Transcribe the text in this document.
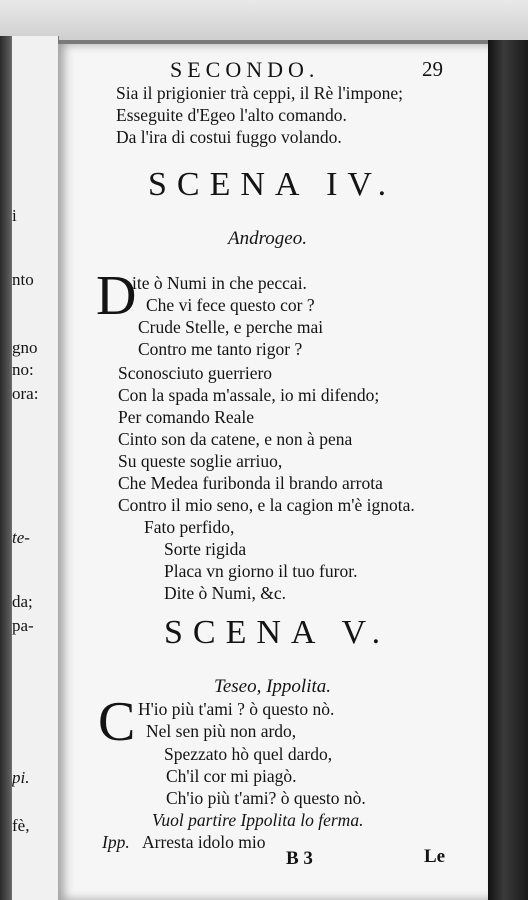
i
nto
gno
no:
ora:
te-
da;
pa-
pi.
fè,
SECONDO.	29
Sia il prigionier trà ceppi, il Rè l'impone;
Esseguite d'Egeo l'alto comando.
Da l'ira di costui fuggo volando.
SCENA IV.
Androgeo.
D
ite ò Numi in che peccai.
Che vi fece questo cor ?
Crude Stelle, e perche mai
Contro me tanto rigor ?
Sconosciuto guerriero
Con la spada m'assale, io mi difendo;
Per comando Reale
Cinto son da catene, e non à pena
Su queste soglie arriuo,
Che Medea furibonda il brando arrota
Contro il mio seno, e la cagion m'è ignota.
Fato perfido,
Sorte rigida
Placa vn giorno il tuo furor.
Dite ò Numi, &c.
SCENA V.
Teseo, Ippolita.
C H'io più t'ami ? ò questo nò.
Nel sen più non ardo,
Spezzato hò quel dardo,
Ch'il cor mi piagò.
Ch'io più t'ami? ò questo nò.
Vuol partire Ippolita lo ferma.
Ipp. Arresta idolo mio
B 3	Le
